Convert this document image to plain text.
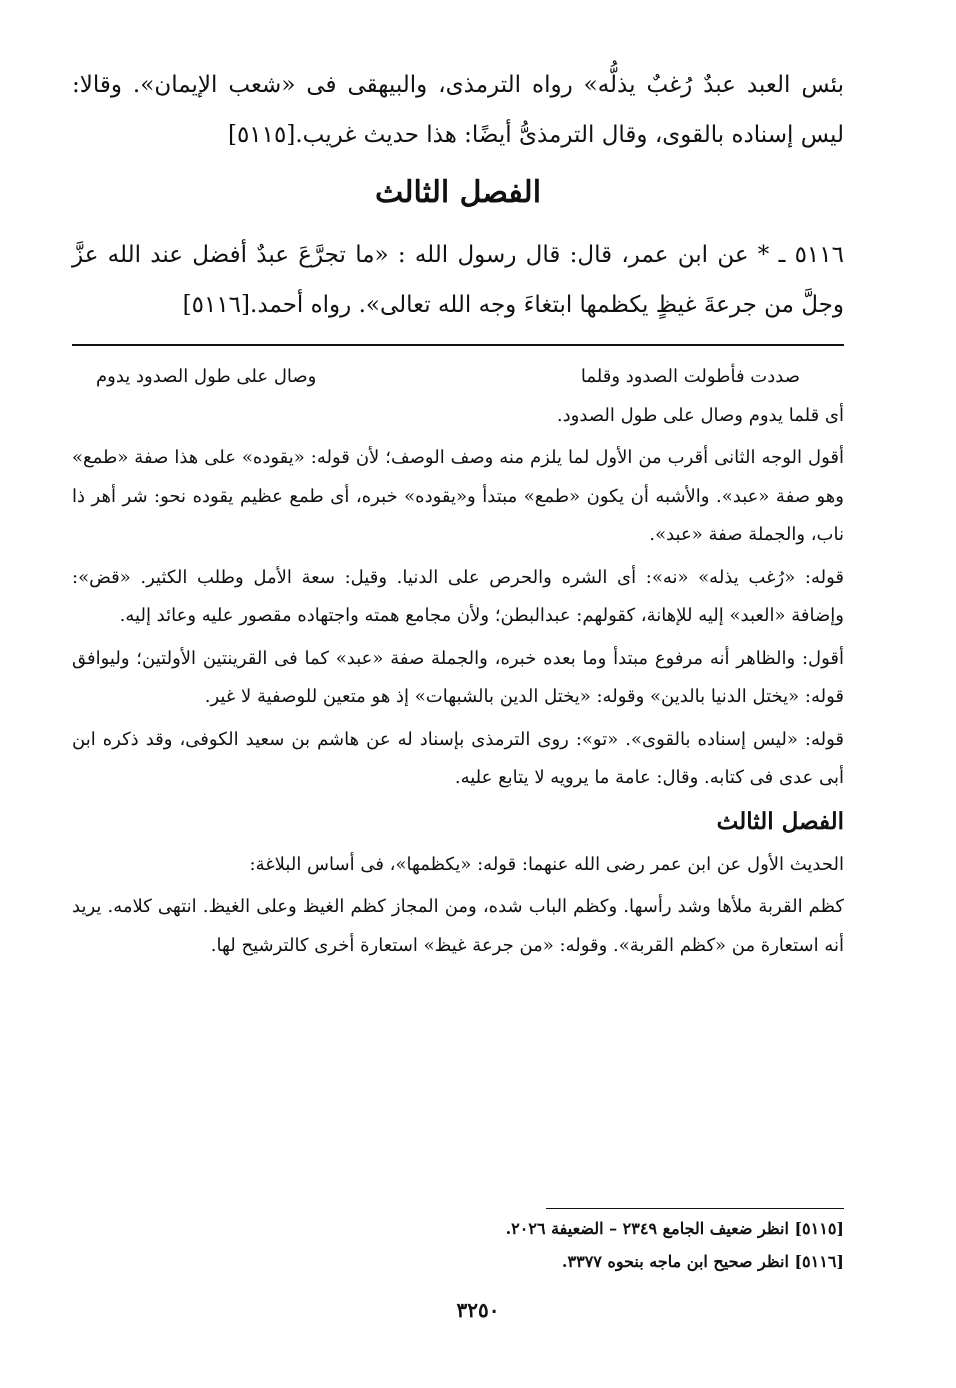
بئس العبد عبدٌ رُغبٌ يذلُّه» رواه الترمذى، والبيهقى فى «شعب الإيمان». وقالا: ليس إسناده بالقوى، وقال الترمذىُّ أيضًا: هذا حديث غريب.[٥١١٥]

الفصل الثالث

٥١١٦ ـ * عن ابن عمر، قال: قال رسول الله : «ما تجرَّعَ عبدٌ أفضل عند الله عزَّ وجلَّ من جرعةَ غيظٍ يكظمها ابتغاءَ وجه الله تعالى». رواه أحمد.[٥١١٦]

صددت فأطولت الصدود وقلما
وصال على طول الصدود يدوم

أى قلما يدوم وصال على طول الصدود.

أقول الوجه الثانى أقرب من الأول لما يلزم منه وصف الوصف؛ لأن قوله: «يقوده» على هذا صفة «طمع» وهو صفة «عبد». والأشبه أن يكون «طمع» مبتدأ و«يقوده» خبره، أى طمع عظيم يقوده نحو: شر أهر ذا ناب، والجملة صفة «عبد».

قوله: «رُغب يذله» «نه»: أى الشره والحرص على الدنيا. وقيل: سعة الأمل وطلب الكثير. «قض»: وإضافة «العبد» إليه للإهانة، كقولهم: عبدالبطن؛ ولأن مجامع همته واجتهاده مقصور عليه وعائد إليه.

أقول: والظاهر أنه مرفوع مبتدأ وما بعده خبره، والجملة صفة «عبد» كما فى القرينتين الأولتين؛ وليوافق قوله: «يختل الدنيا بالدين» وقوله: «يختل الدين بالشبهات» إذ هو متعين للوصفية لا غير.

قوله: «ليس إسناده بالقوى». «تو»: روى الترمذى بإسناد له عن هاشم بن سعيد الكوفى، وقد ذكره ابن أبى عدى فى كتابه. وقال: عامة ما يرويه لا يتابع عليه.

الفصل الثالث

الحديث الأول عن ابن عمر رضى الله عنهما: قوله: «يكظمها»، فى أساس البلاغة:

كظم القربة ملأها وشد رأسها. وكظم الباب شده، ومن المجاز كظم الغيظ وعلى الغيظ. انتهى كلامه. يريد أنه استعارة من «كظم القربة». وقوله: «من جرعة غيظ» استعارة أخرى كالترشيح لها.

[٥١١٥] انظر ضعيف الجامع ٢٣٤٩ – الضعيفة ٢٠٢٦.
[٥١١٦] انظر صحيح ابن ماجه بنحوه ٣٣٧٧.
٣٢٥٠
